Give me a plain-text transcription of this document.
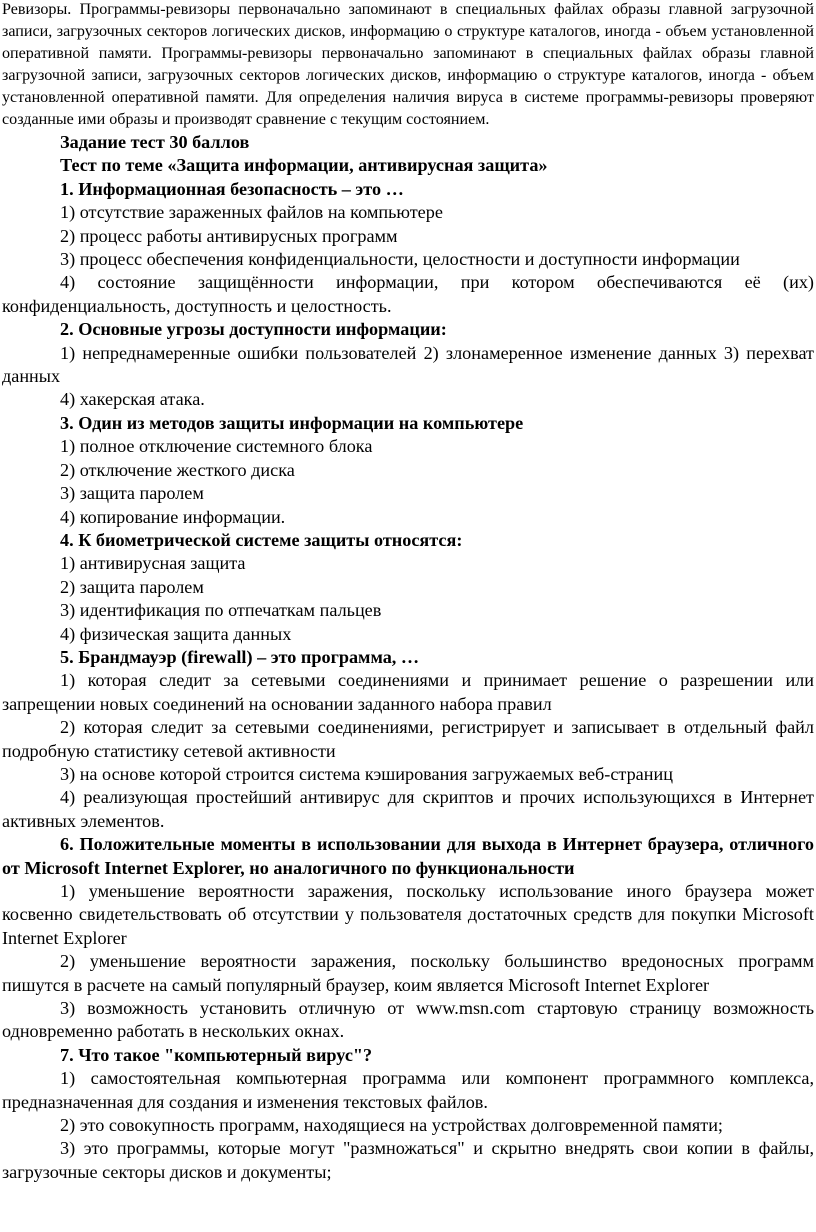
Ревизоры. Программы-ревизоры первоначально запоминают в специальных файлах образы главной загрузочной записи, загрузочных секторов логических дисков, информацию о структуре каталогов, иногда - объем установленной оперативной памяти. Программы-ревизоры первоначально запоминают в специальных файлах образы главной загрузочной записи, загрузочных секторов логических дисков, информацию о структуре каталогов, иногда - объем установленной оперативной памяти. Для определения наличия вируса в системе программы-ревизоры проверяют созданные ими образы и производят сравнение с текущим состоянием.

Задание тест 30 баллов

Тест по теме «Защита информации, антивирусная защита»

1. Информационная безопасность – это …

1) отсутствие зараженных файлов на компьютере

2) процесс работы антивирусных программ

3) процесс обеспечения конфиденциальности, целостности и доступности информации

4) состояние защищённости информации, при котором обеспечиваются её (их) конфиденциальность, доступность и целостность.

2. Основные угрозы доступности информации:

1) непреднамеренные ошибки пользователей 2) злонамеренное изменение данных 3) перехват данных

4) хакерская атака.

3. Один из методов защиты информации на компьютере

1) полное отключение системного блока

2) отключение жесткого диска

3) защита паролем

4) копирование информации.

4. К биометрической системе защиты относятся:

1) антивирусная защита

2) защита паролем

3) идентификация по отпечаткам пальцев

4) физическая защита данных

5. Брандмауэр (firewall) – это программа, …

1) которая следит за сетевыми соединениями и принимает решение о разрешении или запрещении новых соединений на основании заданного набора правил

2) которая следит за сетевыми соединениями, регистрирует и записывает в отдельный файл подробную статистику сетевой активности

3) на основе которой строится система кэширования загружаемых веб-страниц

4) реализующая простейший антивирус для скриптов и прочих использующихся в Интернет активных элементов.

6. Положительные моменты в использовании для выхода в Интернет браузера, отличного от Microsoft Internet Explorer, но аналогичного по функциональности

1) уменьшение вероятности заражения, поскольку использование иного браузера может косвенно свидетельствовать об отсутствии у пользователя достаточных средств для покупки Microsoft Internet Explorer

2) уменьшение вероятности заражения, поскольку большинство вредоносных программ пишутся в расчете на самый популярный браузер, коим является Microsoft Internet Explorer

3) возможность установить отличную от www.msn.com стартовую страницу возможность одновременно работать в нескольких окнах.

7. Что такое "компьютерный вирус"?

1) самостоятельная компьютерная программа или компонент программного комплекса, предназначенная для создания и изменения текстовых файлов.

2) это совокупность программ, находящиеся на устройствах долговременной памяти;

3) это программы, которые могут "размножаться" и скрытно внедрять свои копии в файлы, загрузочные секторы дисков и документы;
